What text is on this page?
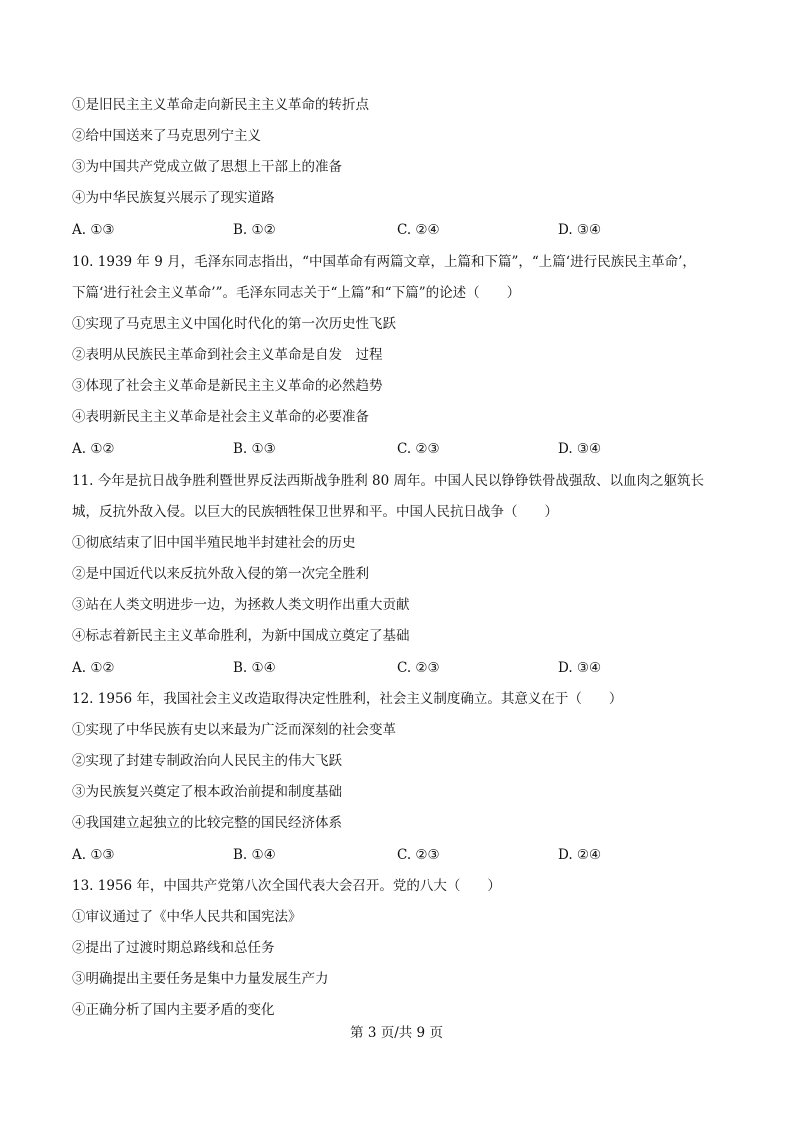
①是旧民主主义革命走向新民主主义革命的转折点

②给中国送来了马克思列宁主义

③为中国共产党成立做了思想上干部上的准备

④为中华民族复兴展示了现实道路

A. ①③	B. ①②	C. ②④	D. ③④

10. 1939 年 9 月，毛泽东同志指出，“中国革命有两篇文章，上篇和下篇”，“上篇‘进行民族民主革命’，

下篇‘进行社会主义革命’”。毛泽东同志关于“上篇”和“下篇”的论述（　　）

①实现了马克思主义中国化时代化的第一次历史性飞跃

②表明从民族民主革命到社会主义革命是自发　过程

③体现了社会主义革命是新民主主义革命的必然趋势

④表明新民主主义革命是社会主义革命的必要准备

A. ①②	B. ①③	C. ②③	D. ③④

11. 今年是抗日战争胜利暨世界反法西斯战争胜利 80 周年。中国人民以铮铮铁骨战强敌、以血肉之躯筑长

城，反抗外敌入侵。以巨大的民族牺牲保卫世界和平。中国人民抗日战争（　　）

①彻底结束了旧中国半殖民地半封建社会的历史

②是中国近代以来反抗外敌入侵的第一次完全胜利

③站在人类文明进步一边，为拯救人类文明作出重大贡献

④标志着新民主主义革命胜利，为新中国成立奠定了基础

A. ①②	B. ①④	C. ②③	D. ③④

12. 1956 年，我国社会主义改造取得决定性胜利，社会主义制度确立。其意义在于（　　）

①实现了中华民族有史以来最为广泛而深刻的社会变革

②实现了封建专制政治向人民民主的伟大飞跃

③为民族复兴奠定了根本政治前提和制度基础

④我国建立起独立的比较完整的国民经济体系

A. ①③	B. ①④	C. ②③	D. ②④

13. 1956 年，中国共产党第八次全国代表大会召开。党的八大（　　）

①审议通过了《中华人民共和国宪法》

②提出了过渡时期总路线和总任务

③明确提出主要任务是集中力量发展生产力

④正确分析了国内主要矛盾的变化

第 3 页/共 9 页
